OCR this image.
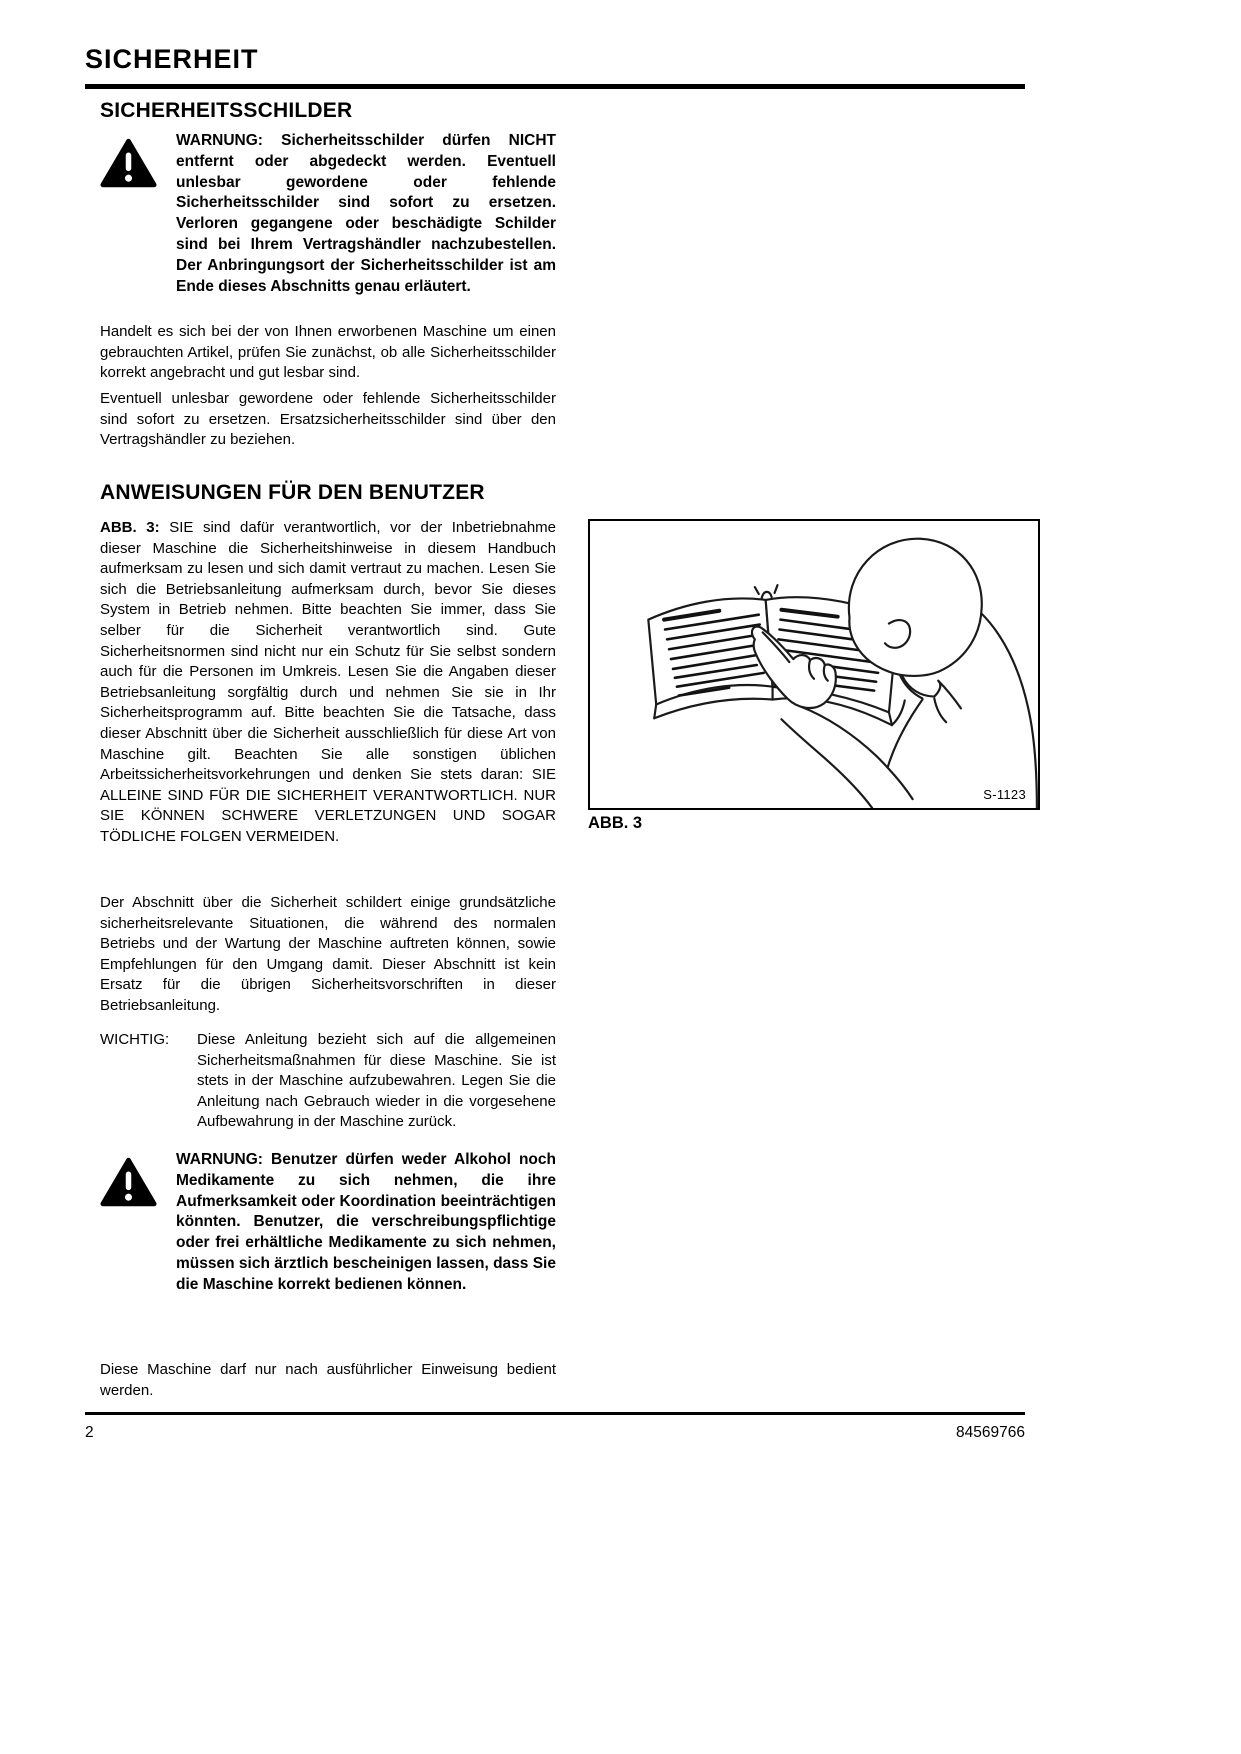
SICHERHEIT
SICHERHEITSSCHILDER
WARNUNG: Sicherheitsschilder dürfen NICHT entfernt oder abgedeckt werden. Eventuell unlesbar gewordene oder fehlende Sicherheitsschilder sind sofort zu ersetzen. Verloren gegangene oder beschädigte Schilder sind bei Ihrem Vertragshändler nachzubestellen. Der Anbringungsort der Sicherheitsschilder ist am Ende dieses Abschnitts genau erläutert.

Handelt es sich bei der von Ihnen erworbenen Maschine um einen gebrauchten Artikel, prüfen Sie zunächst, ob alle Sicherheitsschilder korrekt angebracht und gut lesbar sind.

Eventuell unlesbar gewordene oder fehlende Sicherheitsschilder sind sofort zu ersetzen. Ersatzsicherheitsschilder sind über den Vertragshändler zu beziehen.

ANWEISUNGEN FÜR DEN BENUTZER

ABB. 3: SIE sind dafür verantwortlich, vor der Inbetriebnahme dieser Maschine die Sicherheitshinweise in diesem Handbuch aufmerksam zu lesen und sich damit vertraut zu machen. Lesen Sie sich die Betriebsanleitung aufmerksam durch, bevor Sie dieses System in Betrieb nehmen. Bitte beachten Sie immer, dass Sie selber für die Sicherheit verantwortlich sind. Gute Sicherheitsnormen sind nicht nur ein Schutz für Sie selbst sondern auch für die Personen im Umkreis. Lesen Sie die Angaben dieser Betriebsanleitung sorgfältig durch und nehmen Sie sie in Ihr Sicherheitsprogramm auf. Bitte beachten Sie die Tatsache, dass dieser Abschnitt über die Sicherheit ausschließlich für diese Art von Maschine gilt. Beachten Sie alle sonstigen üblichen Arbeitssicherheitsvorkehrungen und denken Sie stets daran: SIE ALLEINE SIND FÜR DIE SICHERHEIT VERANTWORTLICH. NUR SIE KÖNNEN SCHWERE VERLETZUNGEN UND SOGAR TÖDLICHE FOLGEN VERMEIDEN.

Der Abschnitt über die Sicherheit schildert einige grundsätzliche sicherheitsrelevante Situationen, die während des normalen Betriebs und der Wartung der Maschine auftreten können, sowie Empfehlungen für den Umgang damit. Dieser Abschnitt ist kein Ersatz für die übrigen Sicherheitsvorschriften in dieser Betriebsanleitung.

WICHTIG:	Diese Anleitung bezieht sich auf die allgemeinen Sicherheitsmaßnahmen für diese Maschine. Sie ist stets in der Maschine aufzubewahren. Legen Sie die Anleitung nach Gebrauch wieder in die vorgesehene Aufbewahrung in der Maschine zurück.
WARNUNG: Benutzer dürfen weder Alkohol noch Medikamente zu sich nehmen, die ihre Aufmerksamkeit oder Koordination beeinträchtigen könnten. Benutzer, die verschreibungspflichtige oder frei erhältliche Medikamente zu sich nehmen, müssen sich ärztlich bescheinigen lassen, dass Sie die Maschine korrekt bedienen können.

Diese Maschine darf nur nach ausführlicher Einweisung bedient werden.

S-1123
ABB. 3
2	84569766
